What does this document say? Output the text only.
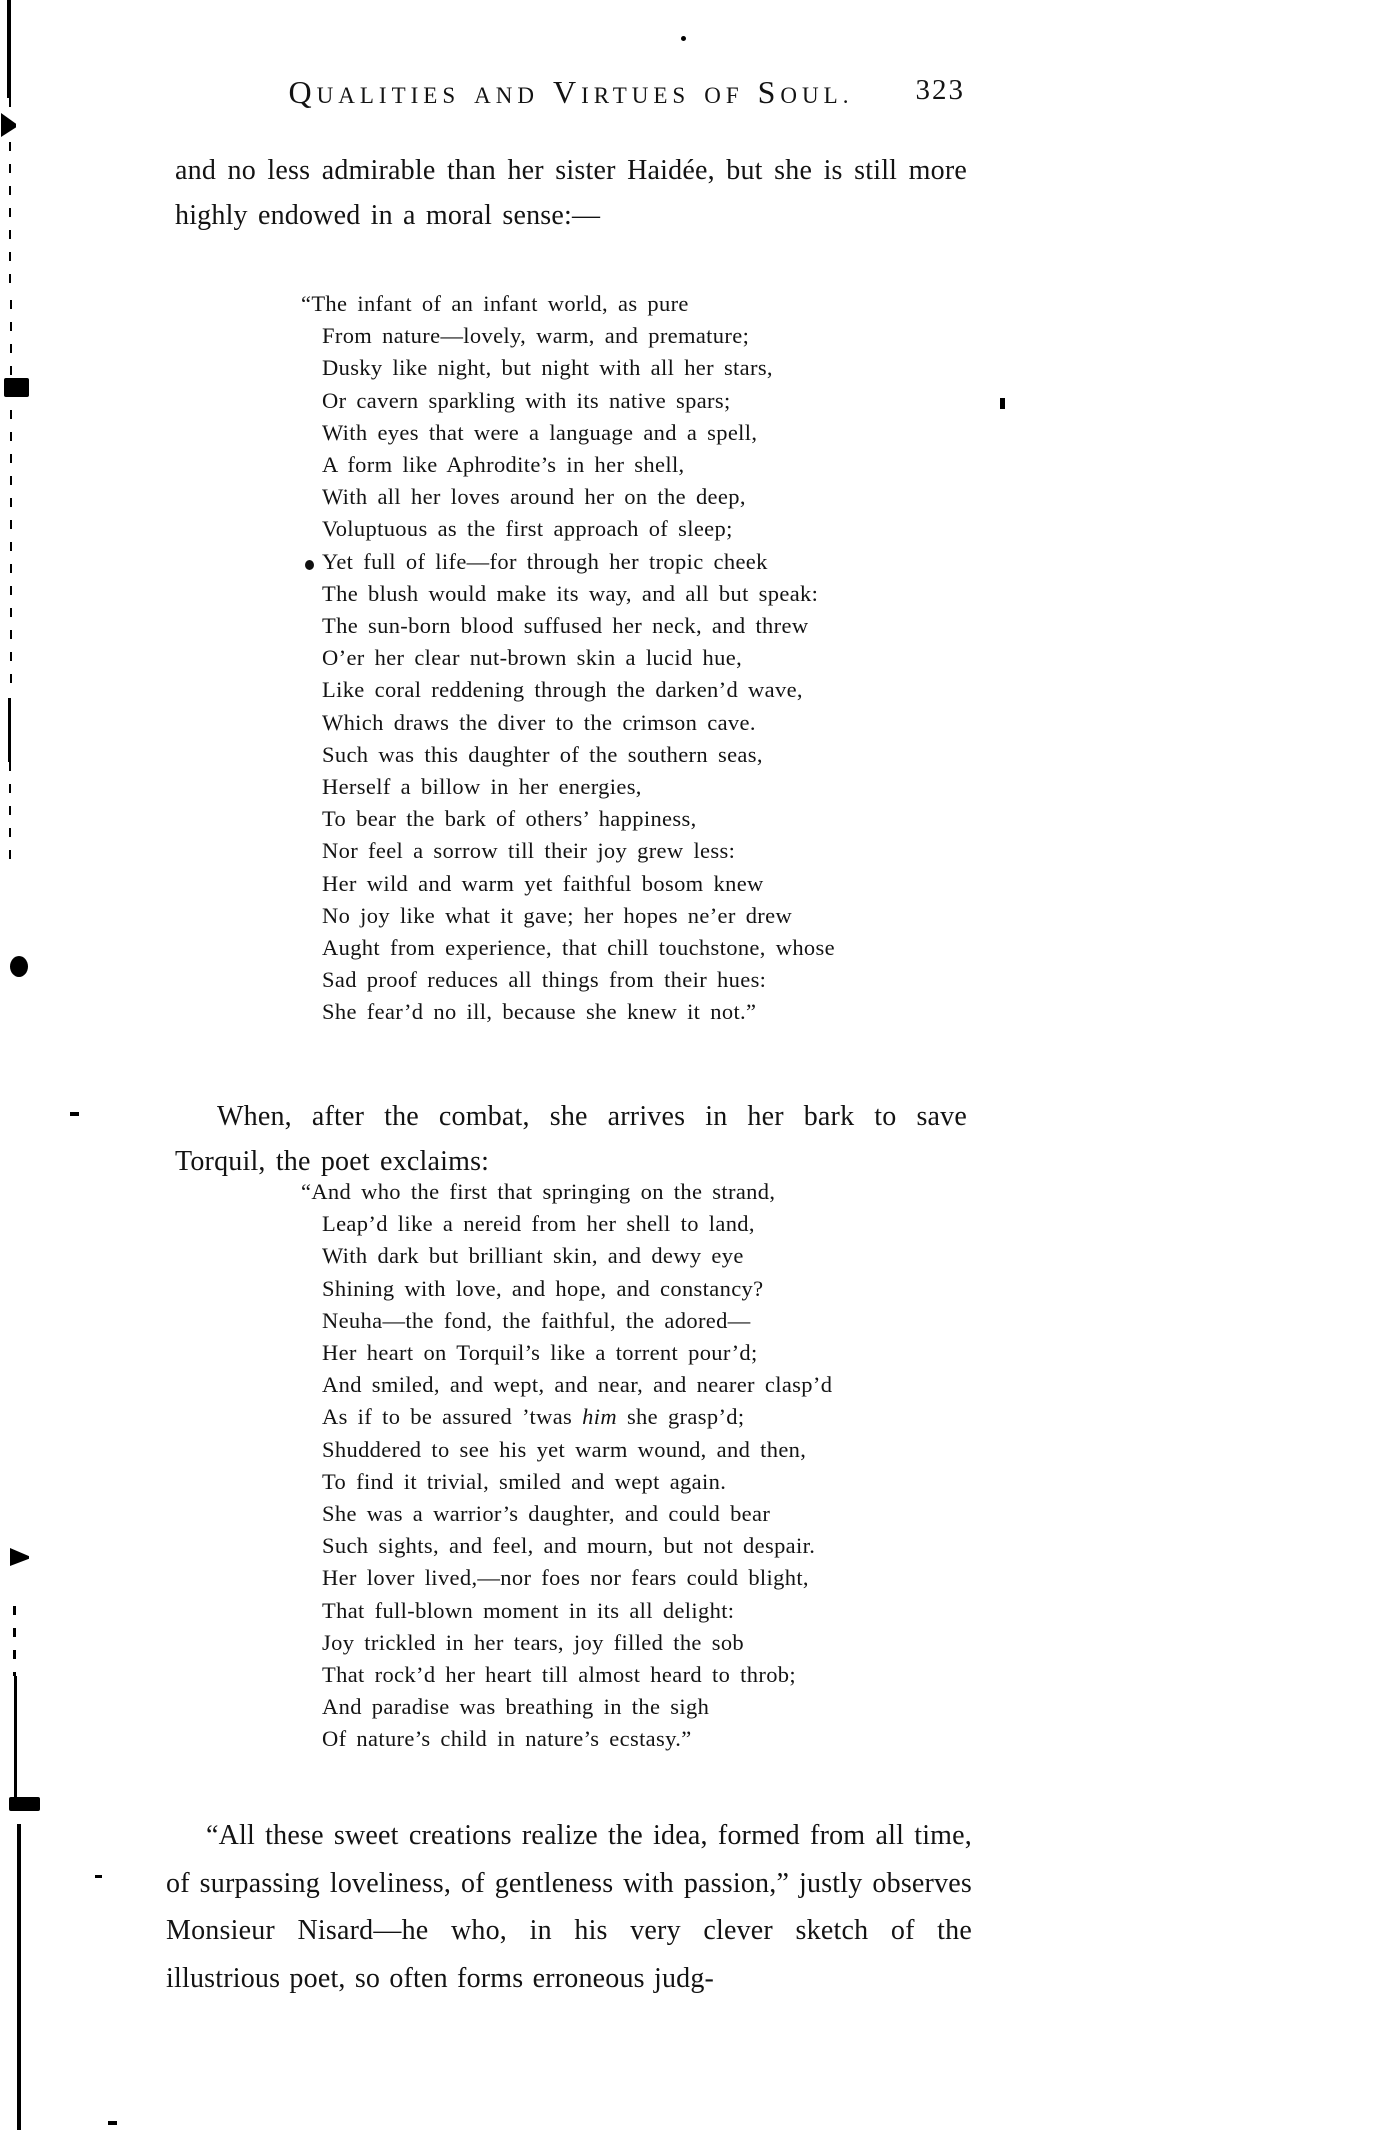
QUALITIES AND VIRTUES OF SOUL.	323

and no less admirable than her sister Haidée, but she is still more highly endowed in a moral sense:—

“The infant of an infant world, as pure
From nature—lovely, warm, and premature;
Dusky like night, but night with all her stars,
Or cavern sparkling with its native spars;
With eyes that were a language and a spell,
A form like Aphrodite’s in her shell,
With all her loves around her on the deep,
Voluptuous as the first approach of sleep;
Yet full of life—for through her tropic cheek
The blush would make its way, and all but speak:
The sun-born blood suffused her neck, and threw
O’er her clear nut-brown skin a lucid hue,
Like coral reddening through the darken’d wave,
Which draws the diver to the crimson cave.
Such was this daughter of the southern seas,
Herself a billow in her energies,
To bear the bark of others’ happiness,
Nor feel a sorrow till their joy grew less:
Her wild and warm yet faithful bosom knew
No joy like what it gave; her hopes ne’er drew
Aught from experience, that chill touchstone, whose
Sad proof reduces all things from their hues:
She fear’d no ill, because she knew it not.”

When, after the combat, she arrives in her bark to save Torquil, the poet exclaims:

“And who the first that springing on the strand,
Leap’d like a nereid from her shell to land,
With dark but brilliant skin, and dewy eye
Shining with love, and hope, and constancy?
Neuha—the fond, the faithful, the adored—
Her heart on Torquil’s like a torrent pour’d;
And smiled, and wept, and near, and nearer clasp’d
As if to be assured ’twas him she grasp’d;
Shuddered to see his yet warm wound, and then,
To find it trivial, smiled and wept again.
She was a warrior’s daughter, and could bear
Such sights, and feel, and mourn, but not despair.
Her lover lived,—nor foes nor fears could blight,
That full-blown moment in its all delight:
Joy trickled in her tears, joy filled the sob
That rock’d her heart till almost heard to throb;
And paradise was breathing in the sigh
Of nature’s child in nature’s ecstasy.”

“All these sweet creations realize the idea, formed from all time, of surpassing loveliness, of gentleness with passion,” justly observes Monsieur Nisard—he who, in his very clever sketch of the illustrious poet, so often forms erroneous judg-
